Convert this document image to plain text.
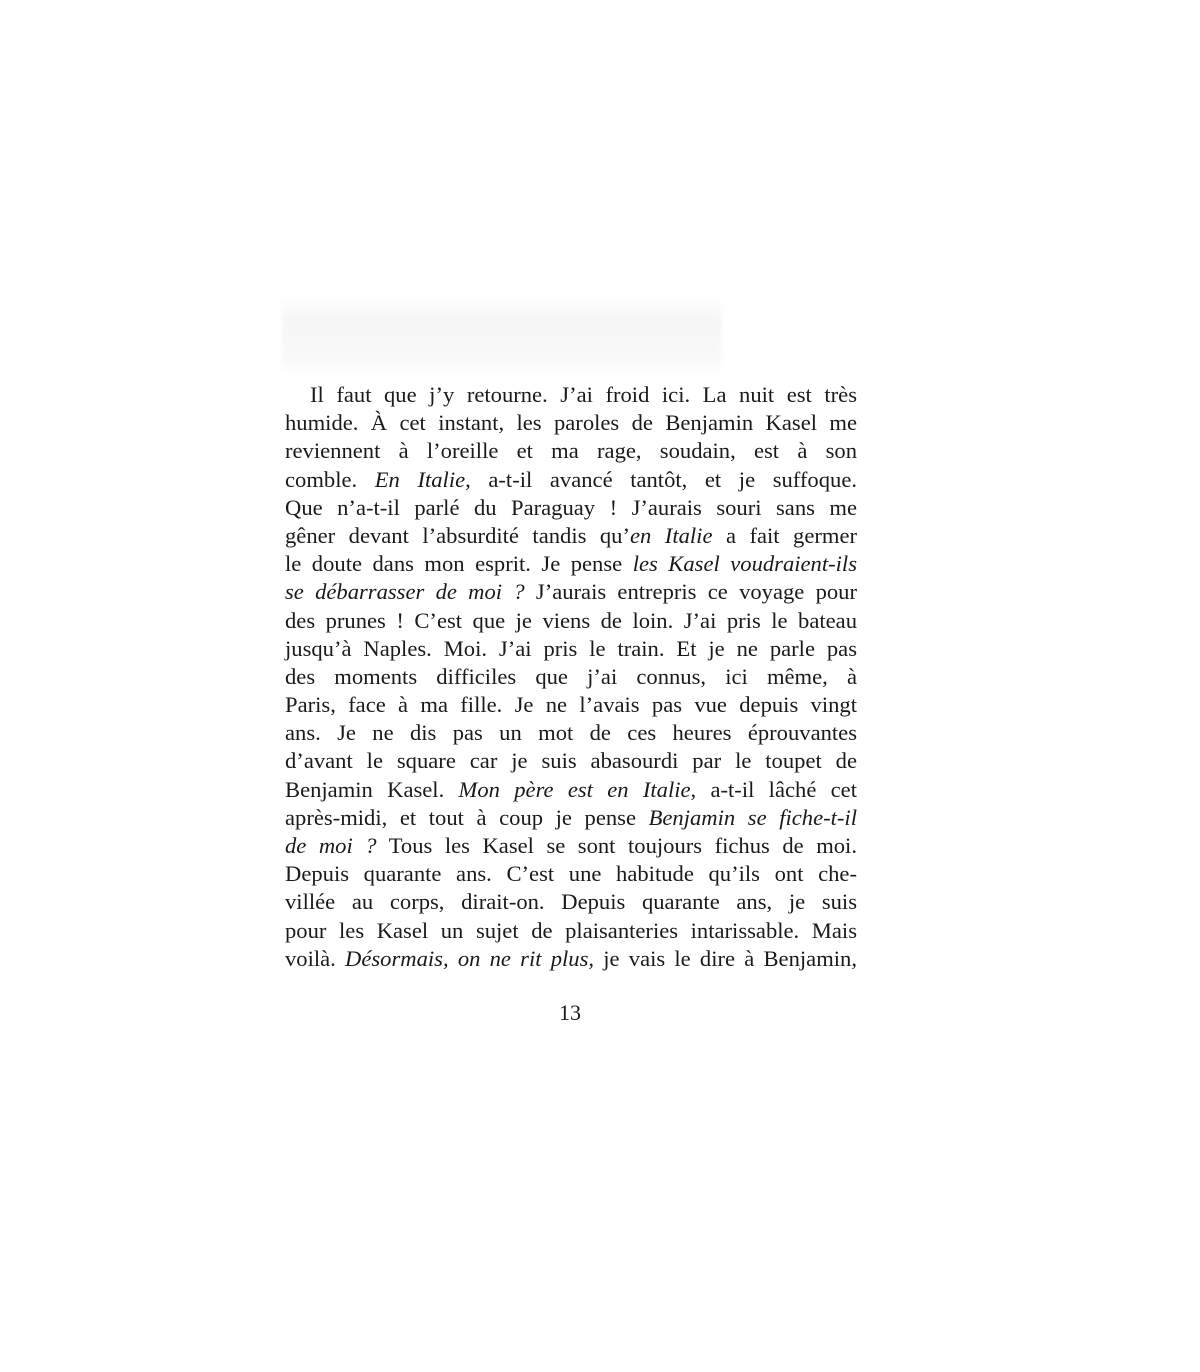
Il faut que j’y retourne. J’ai froid ici. La nuit est très
humide. À cet instant, les paroles de Benjamin Kasel me
reviennent à l’oreille et ma rage, soudain, est à son
comble. En Italie, a-t-il avancé tantôt, et je suffoque.
Que n’a-t-il parlé du Paraguay ! J’aurais souri sans me
gêner devant l’absurdité tandis qu’en Italie a fait germer
le doute dans mon esprit. Je pense les Kasel voudraient-ils
se débarrasser de moi ? J’aurais entrepris ce voyage pour
des prunes ! C’est que je viens de loin. J’ai pris le bateau
jusqu’à Naples. Moi. J’ai pris le train. Et je ne parle pas
des moments difficiles que j’ai connus, ici même, à
Paris, face à ma fille. Je ne l’avais pas vue depuis vingt
ans. Je ne dis pas un mot de ces heures éprouvantes
d’avant le square car je suis abasourdi par le toupet de
Benjamin Kasel. Mon père est en Italie, a-t-il lâché cet
après-midi, et tout à coup je pense Benjamin se fiche-t-il
de moi ? Tous les Kasel se sont toujours fichus de moi.
Depuis quarante ans. C’est une habitude qu’ils ont che-
villée au corps, dirait-on. Depuis quarante ans, je suis
pour les Kasel un sujet de plaisanteries intarissable. Mais
voilà. Désormais, on ne rit plus, je vais le dire à Benjamin,
13
